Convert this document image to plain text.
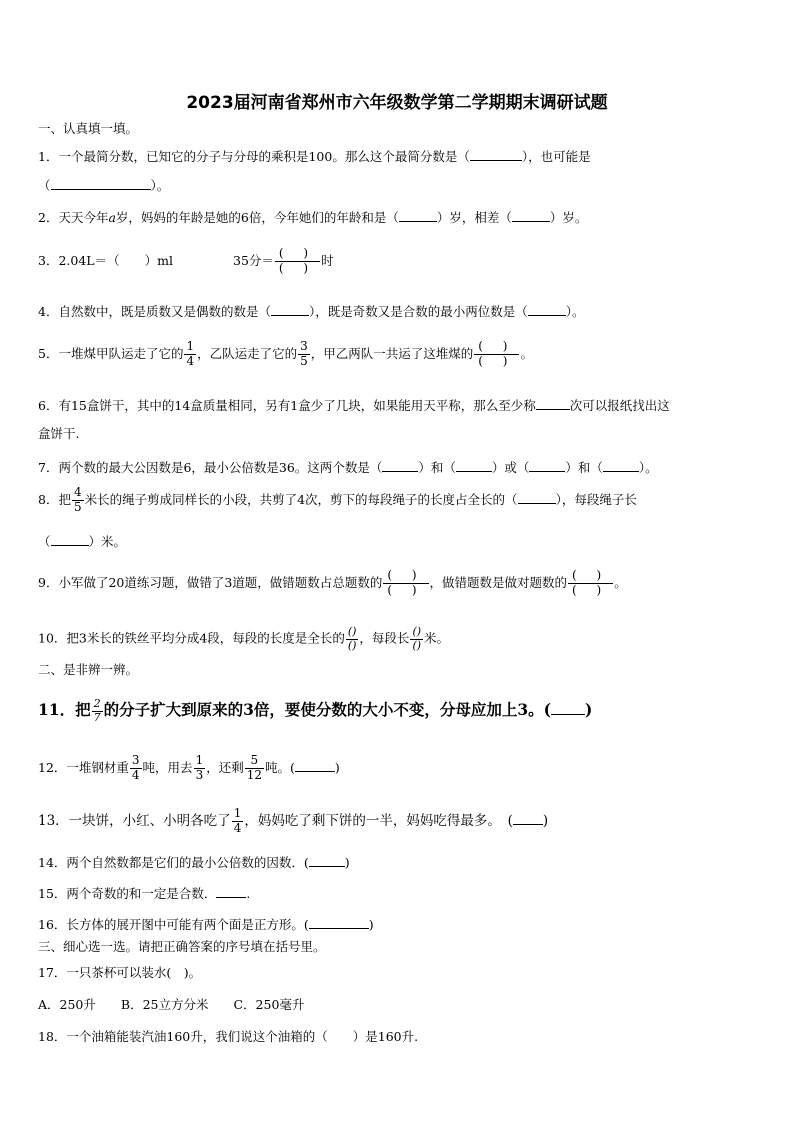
2023届河南省郑州市六年级数学第二学期期末调研试题
一、认真填一填。
1．一个最简分数，已知它的分子与分母的乘积是100。那么这个最简分数是（	），也可能是
（	）。
2．天天今年a岁，妈妈的年龄是她的6倍，今年她们的年龄和是（	）岁，相差（	）岁。
3．2.04L＝（　　）ml	35分＝ $\frac{( )}{( )}$ 时
4．自然数中，既是质数又是偶数的数是（	），既是奇数又是合数的最小两位数是（	）。
5．一堆煤甲队运走了它的 $\frac{1}{4}$ ，乙队运走了它的 $\frac{3}{5}$ ，甲乙两队一共运了这堆煤的 $\frac{( )}{( )}$ 。
6．有15盒饼干，其中的14盒质量相同，另有1盒少了几块，如果能用天平称，那么至少称	次可以报纸找出这
盒饼干.
7．两个数的最大公因数是6，最小公倍数是36。这两个数是（	）和（	）或（	）和（	）。
8．把 $\frac{4}{5}$ 米长的绳子剪成同样长的小段，共剪了4次，剪下的每段绳子的长度占全长的（	），每段绳子长
（	）米。
9．小军做了20道练习题，做错了3道题，做错题数占总题数的 $\frac{( )}{( )}$ ，做错题数是做对题数的 $\frac{( )}{( )}$ 。
10．把3米长的铁丝平均分成4段，每段的长度是全长的 $\frac{()}{()}$ ，每段长 $\frac{()}{()}$ 米。
二、是非辨一辨。
11．把 $\frac{2}{7}$ 的分子扩大到原来的3倍，要使分数的大小不变，分母应加上3。( )
12．一堆钢材重 $\frac{3}{4}$ 吨，用去 $\frac{1}{3}$ ，还剩 $\frac{5}{12}$ 吨。(	)
13．一块饼，小红、小明各吃了 $\frac{1}{4}$ ，妈妈吃了剩下饼的一半，妈妈吃得最多。　( )
14．两个自然数都是它们的最小公倍数的因数．(	)
15．两个奇数的和一定是合数． .
16．长方体的展开图中可能有两个面是正方形。(	)
三、细心选一选。请把正确答案的序号填在括号里。
17．一只茶杯可以装水(　)。
A．250升　　B．25立方分米　　C．250毫升
18．一个油箱能装汽油160升，我们说这个油箱的（　　）是160升.
